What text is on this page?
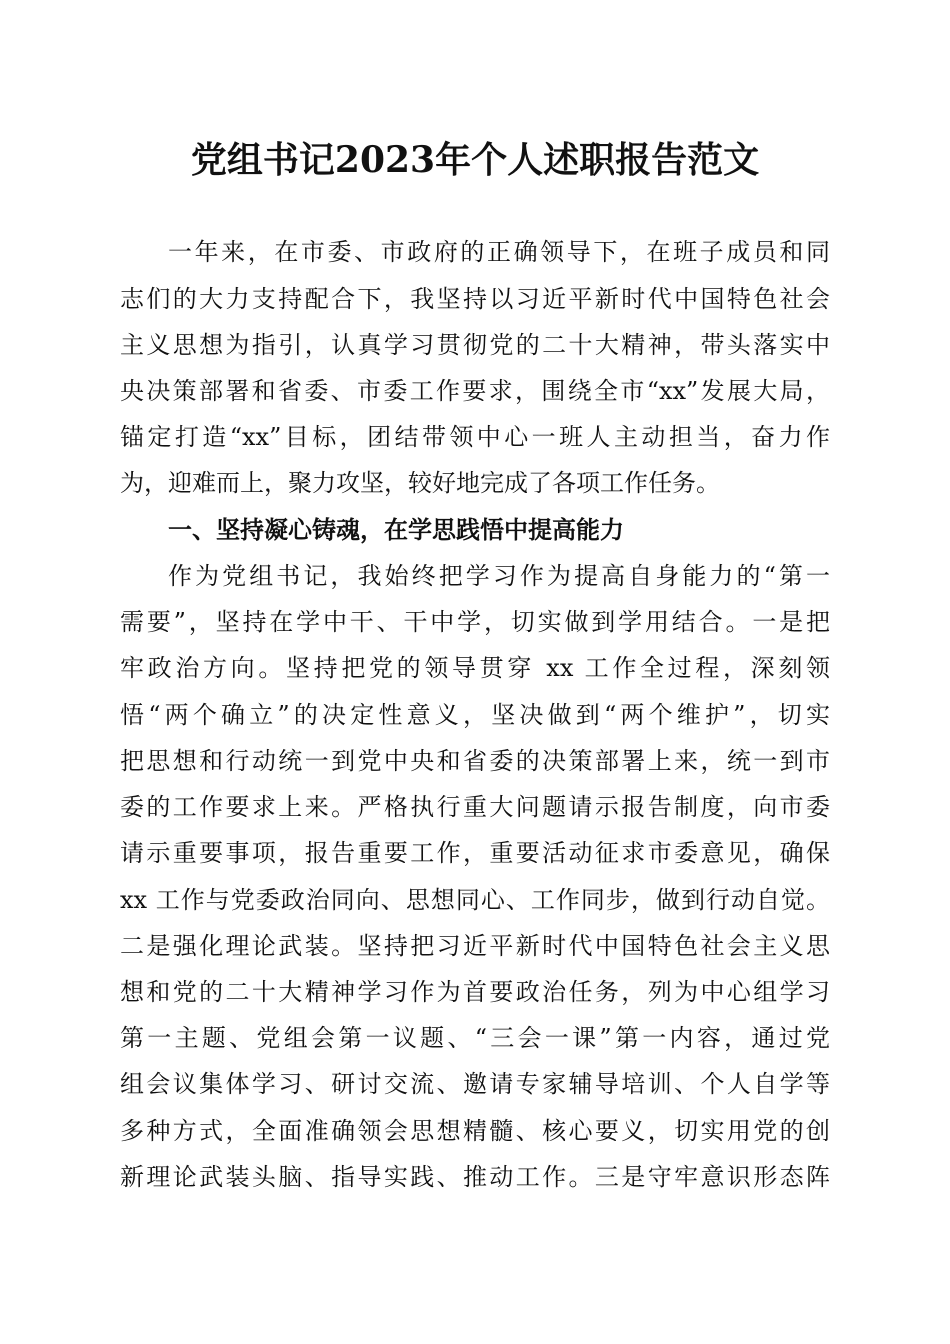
党组书记2023年个人述职报告范文

一年来，在市委、市政府的正确领导下，在班子成员和同

志们的大力支持配合下，我坚持以习近平新时代中国特色社会

主义思想为指引，认真学习贯彻党的二十大精神，带头落实中

央决策部署和省委、市委工作要求，围绕全市“xx”发展大局，

锚定打造“xx”目标，团结带领中心一班人主动担当，奋力作

为，迎难而上，聚力攻坚，较好地完成了各项工作任务。

一、坚持凝心铸魂，在学思践悟中提高能力

作为党组书记，我始终把学习作为提高自身能力的“第一

需要”，坚持在学中干、干中学，切实做到学用结合。一是把

牢政治方向。坚持把党的领导贯穿 xx 工作全过程，深刻领

悟“两个确立”的决定性意义，坚决做到“两个维护”，切实

把思想和行动统一到党中央和省委的决策部署上来，统一到市

委的工作要求上来。严格执行重大问题请示报告制度，向市委

请示重要事项，报告重要工作，重要活动征求市委意见，确保

xx 工作与党委政治同向、思想同心、工作同步，做到行动自觉。

二是强化理论武装。坚持把习近平新时代中国特色社会主义思

想和党的二十大精神学习作为首要政治任务，列为中心组学习

第一主题、党组会第一议题、“三会一课”第一内容，通过党

组会议集体学习、研讨交流、邀请专家辅导培训、个人自学等

多种方式，全面准确领会思想精髓、核心要义，切实用党的创

新理论武装头脑、指导实践、推动工作。三是守牢意识形态阵
